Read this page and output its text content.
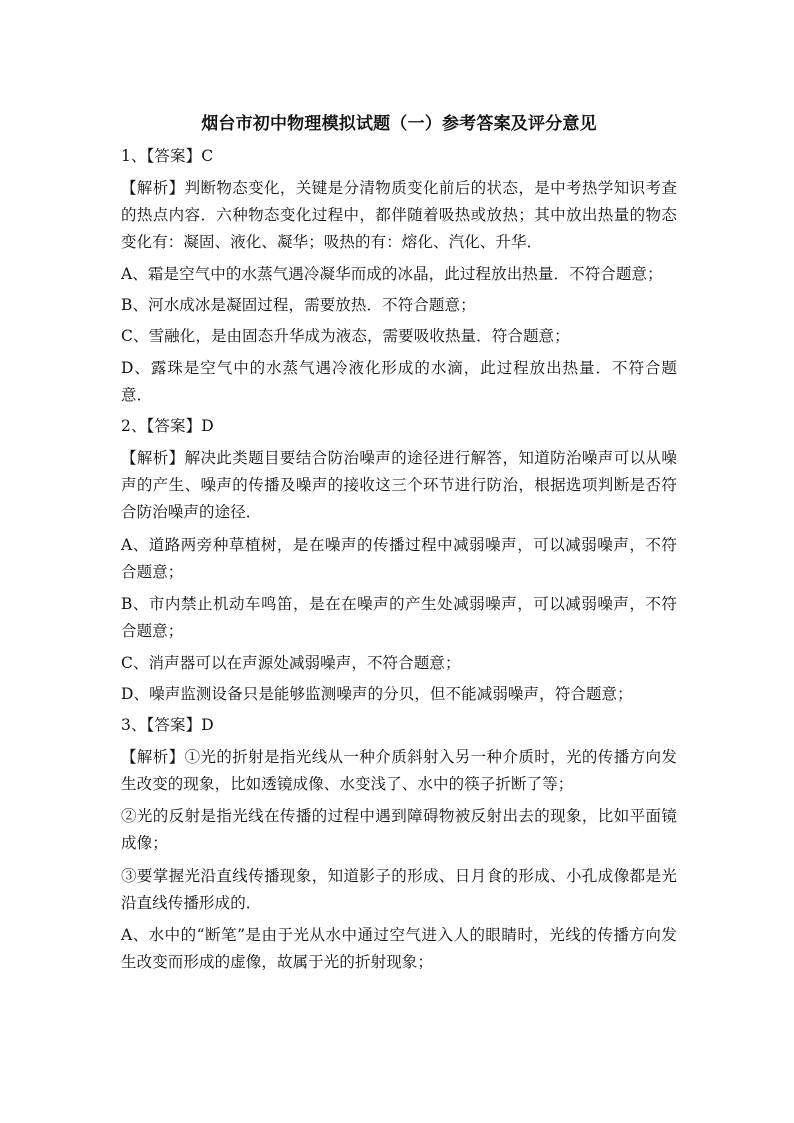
烟台市初中物理模拟试题（一）参考答案及评分意见
1、【答案】C
【解析】判断物态变化，关键是分清物质变化前后的状态，是中考热学知识考查的热点内容．六种物态变化过程中，都伴随着吸热或放热；其中放出热量的物态变化有：凝固、液化、凝华；吸热的有：熔化、汽化、升华．
A、霜是空气中的水蒸气遇冷凝华而成的冰晶，此过程放出热量．不符合题意；
B、河水成冰是凝固过程，需要放热．不符合题意；
C、雪融化，是由固态升华成为液态，需要吸收热量．符合题意；
D、露珠是空气中的水蒸气遇冷液化形成的水滴，此过程放出热量．不符合题意．
2、【答案】D
【解析】解决此类题目要结合防治噪声的途径进行解答，知道防治噪声可以从噪声的产生、噪声的传播及噪声的接收这三个环节进行防治，根据选项判断是否符合防治噪声的途径．
A、道路两旁种草植树，是在噪声的传播过程中减弱噪声，可以减弱噪声，不符合题意；
B、市内禁止机动车鸣笛，是在在噪声的产生处减弱噪声，可以减弱噪声，不符合题意；
C、消声器可以在声源处减弱噪声，不符合题意；
D、噪声监测设备只是能够监测噪声的分贝，但不能减弱噪声，符合题意；
3、【答案】D
【解析】①光的折射是指光线从一种介质斜射入另一种介质时，光的传播方向发生改变的现象，比如透镜成像、水变浅了、水中的筷子折断了等；
②光的反射是指光线在传播的过程中遇到障碍物被反射出去的现象，比如平面镜成像；
③要掌握光沿直线传播现象，知道影子的形成、日月食的形成、小孔成像都是光沿直线传播形成的．
A、水中的“断笔”是由于光从水中通过空气进入人的眼睛时，光线的传播方向发生改变而形成的虚像，故属于光的折射现象；
